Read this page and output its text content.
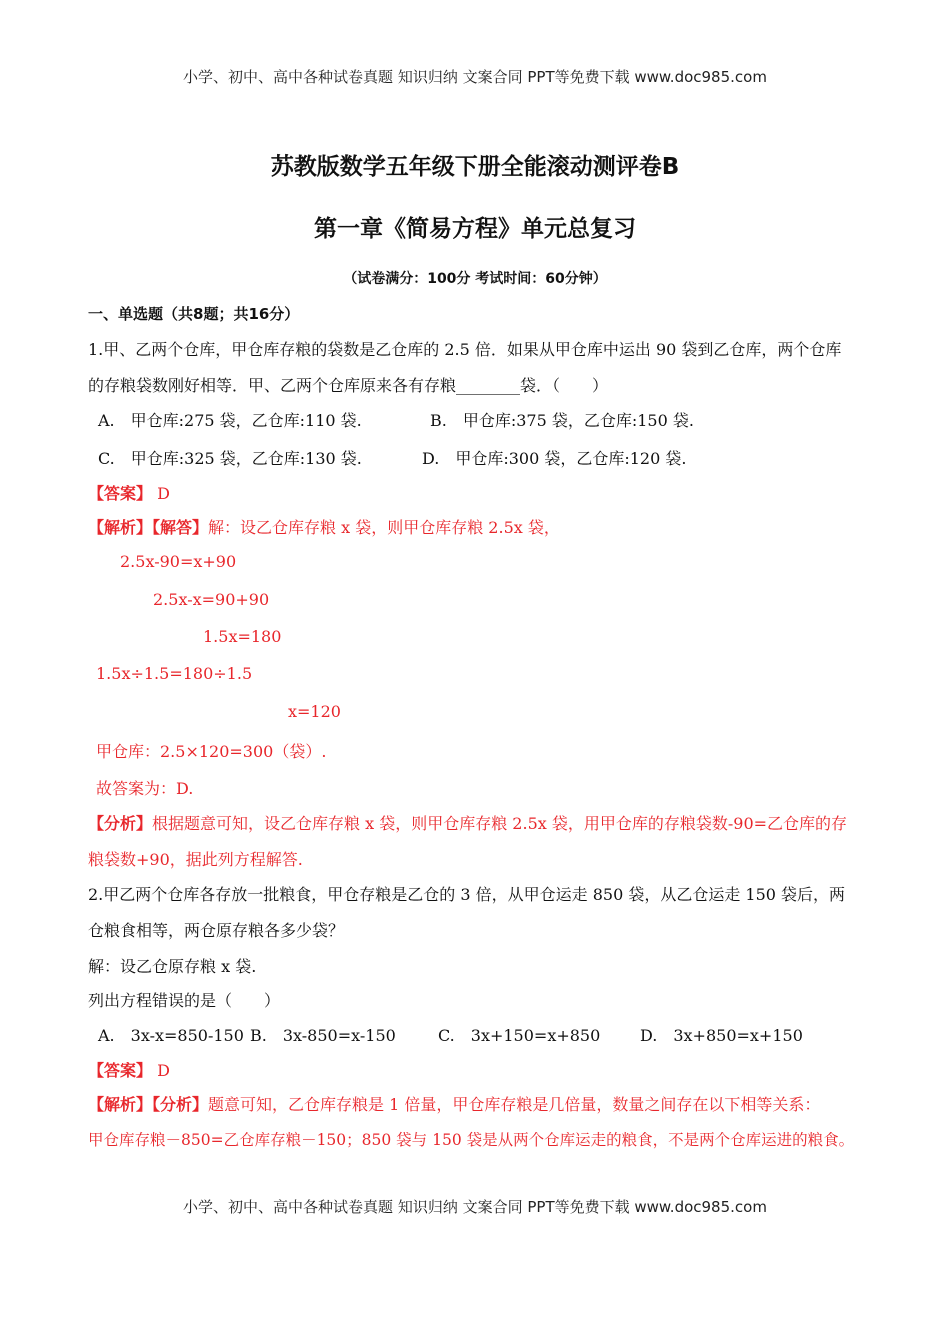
小学、初中、高中各种试卷真题 知识归纳 文案合同 PPT等免费下载 www.doc985.com
苏教版数学五年级下册全能滚动测评卷B
第一章《简易方程》单元总复习
（试卷满分：100分 考试时间：60分钟）
一、单选题（共8题；共16分）
1.甲、乙两个仓库，甲仓库存粮的袋数是乙仓库的 2.5 倍．如果从甲仓库中运出 90 袋到乙仓库，两个仓库
的存粮袋数刚好相等．甲、乙两个仓库原来各有存粮________袋．（　　）
A.　甲仓库:275 袋，乙仓库:110 袋.	B.　甲仓库:375 袋，乙仓库:150 袋.
C.　甲仓库:325 袋，乙仓库:130 袋.	D.　甲仓库:300 袋，乙仓库:120 袋.
【答案】 D
【解析】【解答】解：设乙仓库存粮 x 袋，则甲仓库存粮 2.5x 袋，
2.5x-90=x+90
2.5x-x=90+90
1.5x=180
1.5x÷1.5=180÷1.5
x=120
甲仓库：2.5×120=300（袋）.
故答案为：D.
【分析】根据题意可知，设乙仓库存粮 x 袋，则甲仓库存粮 2.5x 袋，用甲仓库的存粮袋数-90=乙仓库的存
粮袋数+90，据此列方程解答.
2.甲乙两个仓库各存放一批粮食，甲仓存粮是乙仓的 3 倍，从甲仓运走 850 袋，从乙仓运走 150 袋后，两
仓粮食相等，两仓原存粮各多少袋？
解：设乙仓原存粮 x 袋.
列出方程错误的是（　　）
A.　3x-x=850-150 B.　3x-850=x-150	C.　3x+150=x+850 D.　3x+850=x+150
【答案】 D
【解析】【分析】题意可知，乙仓库存粮是 1 倍量，甲仓库存粮是几倍量，数量之间存在以下相等关系：
甲仓库存粮－850=乙仓库存粮－150；850 袋与 150 袋是从两个仓库运走的粮食，不是两个仓库运进的粮食。
小学、初中、高中各种试卷真题 知识归纳 文案合同 PPT等免费下载 www.doc985.com
